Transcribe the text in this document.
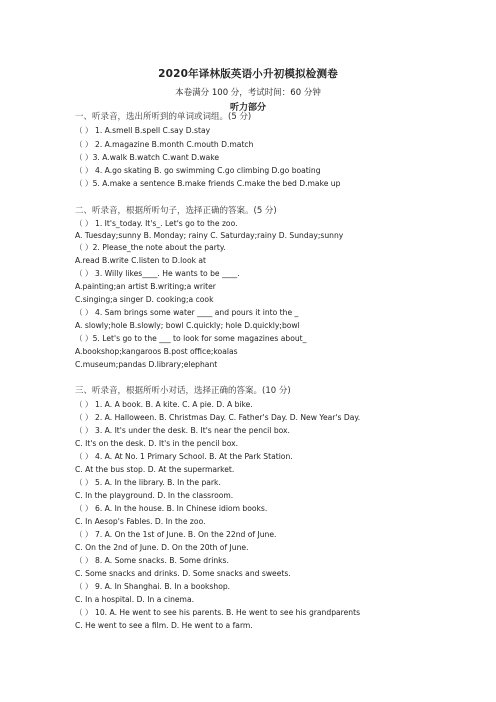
2020年译林版英语小升初模拟检测卷
本卷满分 100 分，考试时间：60 分钟
听力部分
一、听录音，选出所听到的单词或词组。(5 分)
（ ） 1. A.smell B.spell C.say D.stay
（ ） 2. A.magazine B.month C.mouth D.match
（ ）3. A.walk B.watch C.want D.wake
（ ） 4. A.go skating B. go swimming C.go climbing D.go boating
（ ）5. A.make a sentence B.make friends C.make the bed D.make up
二、听录音，根据所听句子，选择正确的答案。(5 分)
（ ） 1. It's_today. It's_. Let's go to the zoo.
A. Tuesday;sunny B. Monday; rainy C. Saturday;rainy D. Sunday;sunny
（ ）2. Please_the note about the party.
A.read B.write C.listen to D.look at
（ ） 3. Willy likes____. He wants to be ____.
A.painting;an artist B.writing;a writer
C.singing;a singer D. cooking;a cook
（ ） 4. Sam brings some water ____ and pours it into the _
A. slowly;hole B.slowly; bowl C.quickly; hole D.quickly;bowl
（ ）5. Let's go to the ___ to look for some magazines about_
A.bookshop;kangaroos B.post office;koalas
C.museum;pandas D.library;elephant
三、听录音，根据所听小对话，选择正确的答案。(10 分)
（ ） 1. A. A book. B. A kite. C. A pie. D. A bike.
（ ） 2. A. Halloween. B. Christmas Day. C. Father's Day. D. New Year's Day.
（ ） 3. A. It's under the desk. B. It's near the pencil box.
C. It's on the desk. D. It's in the pencil box.
（ ） 4. A. At No. 1 Primary School. B. At the Park Station.
C. At the bus stop. D. At the supermarket.
（ ） 5. A. In the library. B. In the park.
C. In the playground. D. In the classroom.
（ ） 6. A. In the house. B. In Chinese idiom books.
C. In Aesop's Fables. D. In the zoo.
（ ） 7. A. On the 1st of June. B. On the 22nd of June.
C. On the 2nd of June. D. On the 20th of June.
（ ） 8. A. Some snacks. B. Some drinks.
C. Some snacks and drinks. D. Some snacks and sweets.
（ ） 9. A. In Shanghai. B. In a bookshop.
C. In a hospital. D. In a cinema.
（ ） 10. A. He went to see his parents. B. He went to see his grandparents
C. He went to see a film. D. He went to a farm.
